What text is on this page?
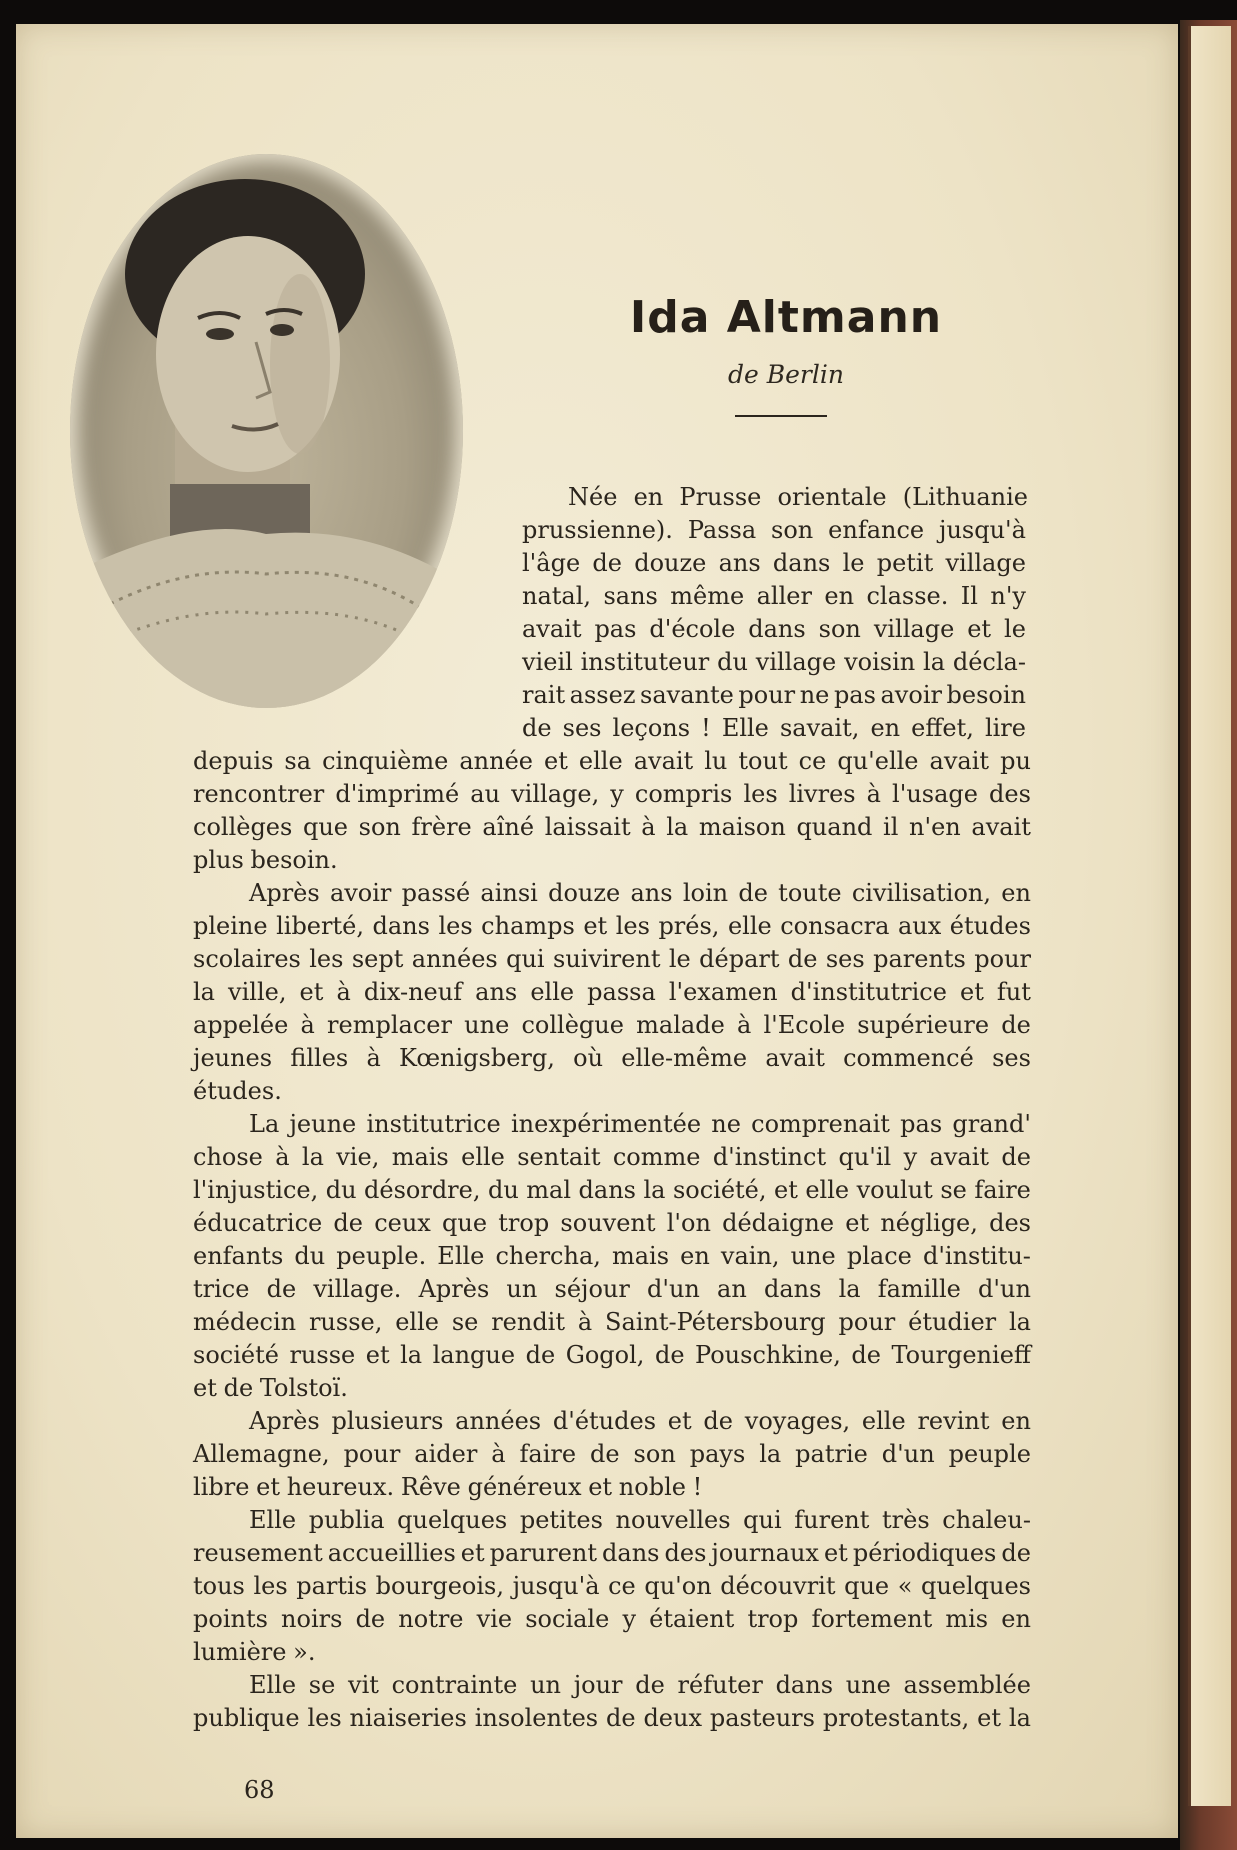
Ida Altmann
de Berlin
Née en Prusse orientale (Lithuanie
prussienne). Passa son enfance jusqu'à
l'âge de douze ans dans le petit village
natal, sans même aller en classe. Il n'y
avait pas d'école dans son village et le
vieil instituteur du village voisin la décla-
rait assez savante pour ne pas avoir besoin
de ses leçons ! Elle savait, en effet, lire
depuis sa cinquième année et elle avait lu tout ce qu'elle avait pu
rencontrer d'imprimé au village, y compris les livres à l'usage des
collèges que son frère aîné laissait à la maison quand il n'en avait
plus besoin.
Après avoir passé ainsi douze ans loin de toute civilisation, en
pleine liberté, dans les champs et les prés, elle consacra aux études
scolaires les sept années qui suivirent le départ de ses parents pour
la ville, et à dix-neuf ans elle passa l'examen d'institutrice et fut
appelée à remplacer une collègue malade à l'Ecole supérieure de
jeunes filles à Kœnigsberg, où elle-même avait commencé ses
études.
La jeune institutrice inexpérimentée ne comprenait pas grand'
chose à la vie, mais elle sentait comme d'instinct qu'il y avait de
l'injustice, du désordre, du mal dans la société, et elle voulut se faire
éducatrice de ceux que trop souvent l'on dédaigne et néglige, des
enfants du peuple. Elle chercha, mais en vain, une place d'institu-
trice de village. Après un séjour d'un an dans la famille d'un
médecin russe, elle se rendit à Saint-Pétersbourg pour étudier la
société russe et la langue de Gogol, de Pouschkine, de Tourgenieff
et de Tolstoï.
Après plusieurs années d'études et de voyages, elle revint en
Allemagne, pour aider à faire de son pays la patrie d'un peuple
libre et heureux. Rêve généreux et noble !
Elle publia quelques petites nouvelles qui furent très chaleu-
reusement accueillies et parurent dans des journaux et périodiques de
tous les partis bourgeois, jusqu'à ce qu'on découvrit que « quelques
points noirs de notre vie sociale y étaient trop fortement mis en
lumière ».
Elle se vit contrainte un jour de réfuter dans une assemblée
publique les niaiseries insolentes de deux pasteurs protestants, et la
68
